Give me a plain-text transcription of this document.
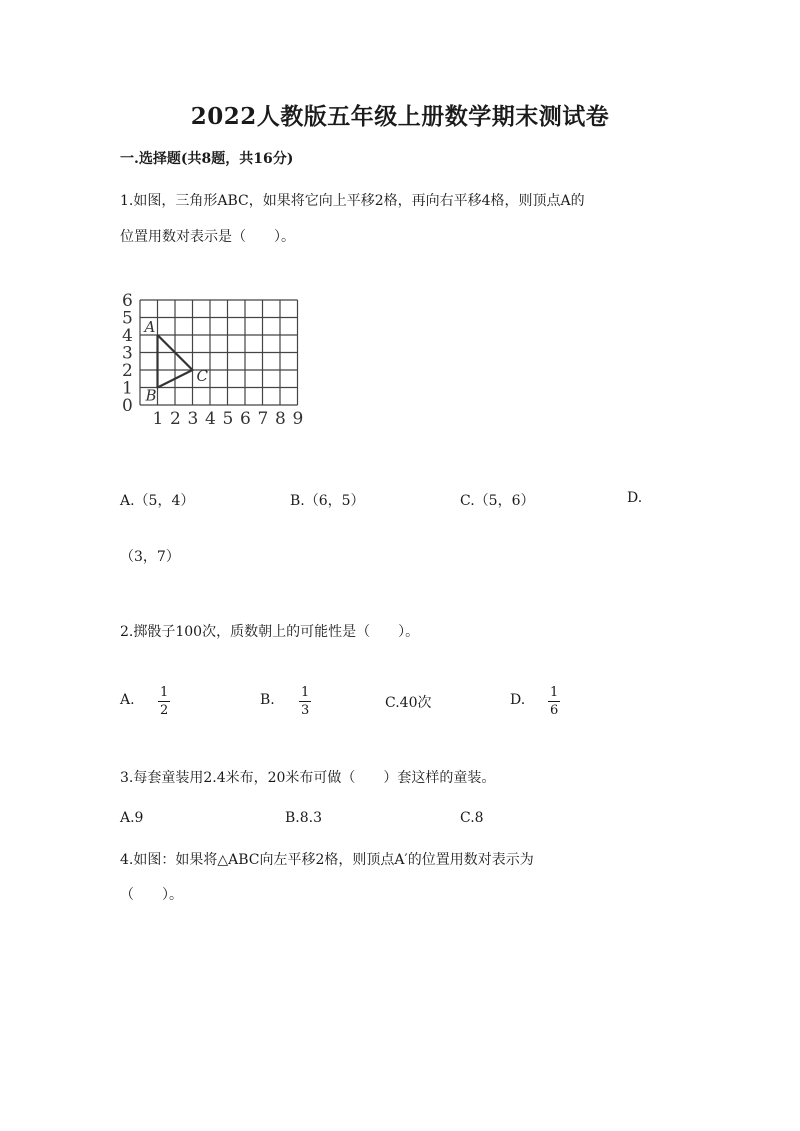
2022人教版五年级上册数学期末测试卷
一.选择题(共8题，共16分)
1.如图，三角形ABC，如果将它向上平移2格，再向右平移4格，则顶点A的
位置用数对表示是（　　）。
0
1
2
3
4
5
6
1 2 3 4 5 6 7 8 9
A
B
C
A.（5，4）	B.（6，5）	C.（5，6）	D.
（3，7）
2.掷骰子100次，质数朝上的可能性是（　　）。
A. 1
2
B. 1
3	C.40次	D. 1
6
3.每套童装用2.4米布，20米布可做（　　）套这样的童装。
A.9	B.8.3	C.8
4.如图：如果将△ABC向左平移2格，则顶点A′的位置用数对表示为
（　　）。
